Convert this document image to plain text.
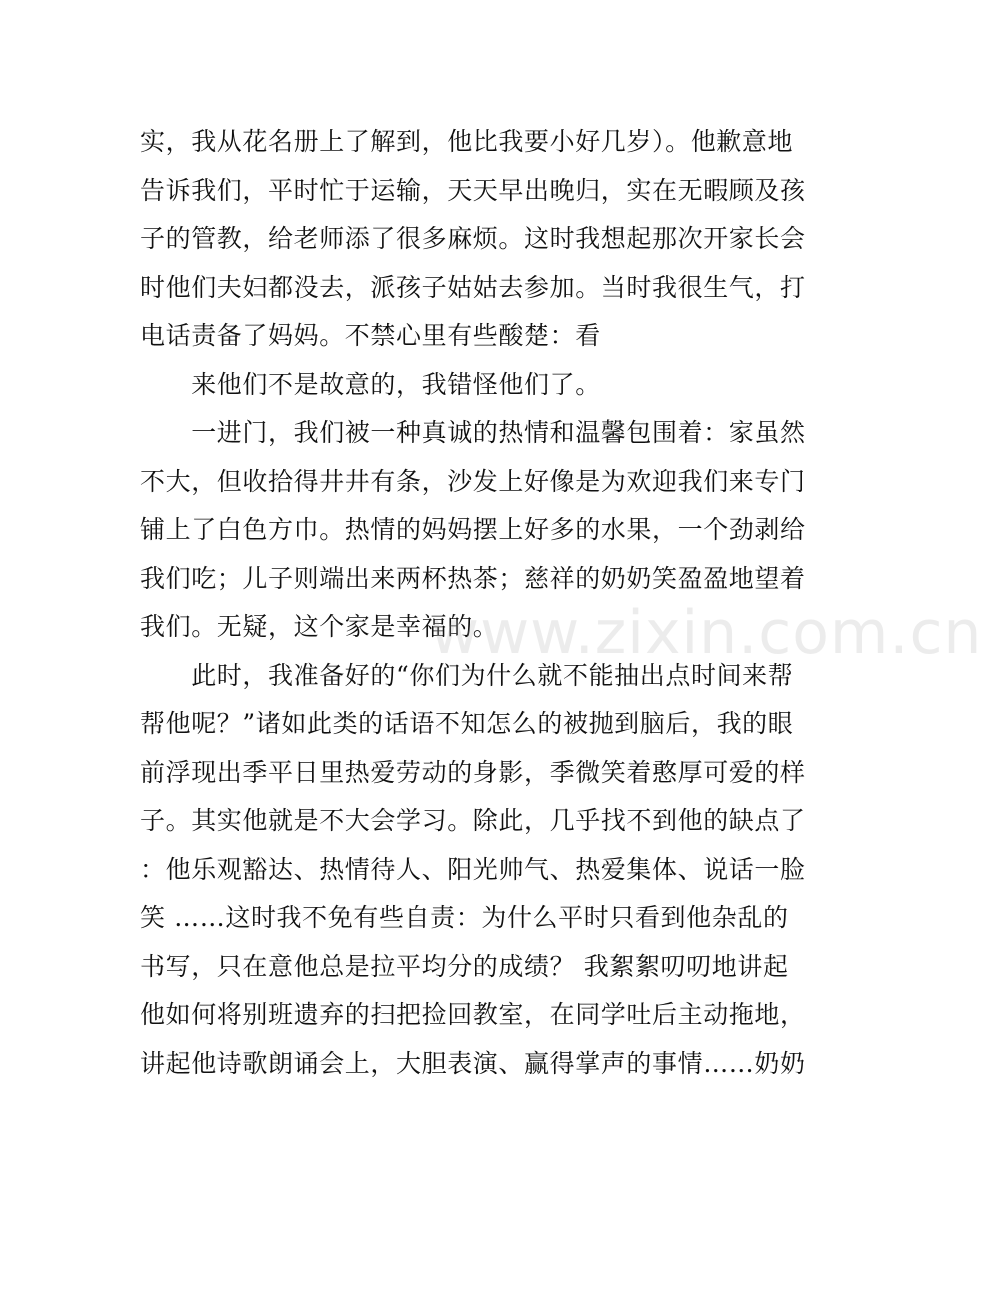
实，我从花名册上了解到，他比我要小好几岁）。他歉意地
告诉我们，平时忙于运输，天天早出晚归，实在无暇顾及孩
子的管教，给老师添了很多麻烦。这时我想起那次开家长会
时他们夫妇都没去，派孩子姑姑去参加。当时我很生气，打
电话责备了妈妈。不禁心里有些酸楚：看
　　来他们不是故意的，我错怪他们了。
　　一进门，我们被一种真诚的热情和温馨包围着：家虽然
不大，但收拾得井井有条，沙发上好像是为欢迎我们来专门
铺上了白色方巾。热情的妈妈摆上好多的水果，一个劲剥给
我们吃；儿子则端出来两杯热茶；慈祥的奶奶笑盈盈地望着
我们。无疑，这个家是幸福的。
　　此时，我准备好的“你们为什么就不能抽出点时间来帮
帮他呢？”诸如此类的话语不知怎么的被抛到脑后，我的眼
前浮现出季平日里热爱劳动的身影，季微笑着憨厚可爱的样
子。其实他就是不大会学习。除此，几乎找不到他的缺点了
：他乐观豁达、热情待人、阳光帅气、热爱集体、说话一脸
笑 ……这时我不免有些自责：为什么平时只看到他杂乱的
书写，只在意他总是拉平均分的成绩？ 我絮絮叨叨地讲起
他如何将别班遗弃的扫把捡回教室，在同学吐后主动拖地，
讲起他诗歌朗诵会上，大胆表演、赢得掌声的事情……奶奶
www.zixin.com.cn
